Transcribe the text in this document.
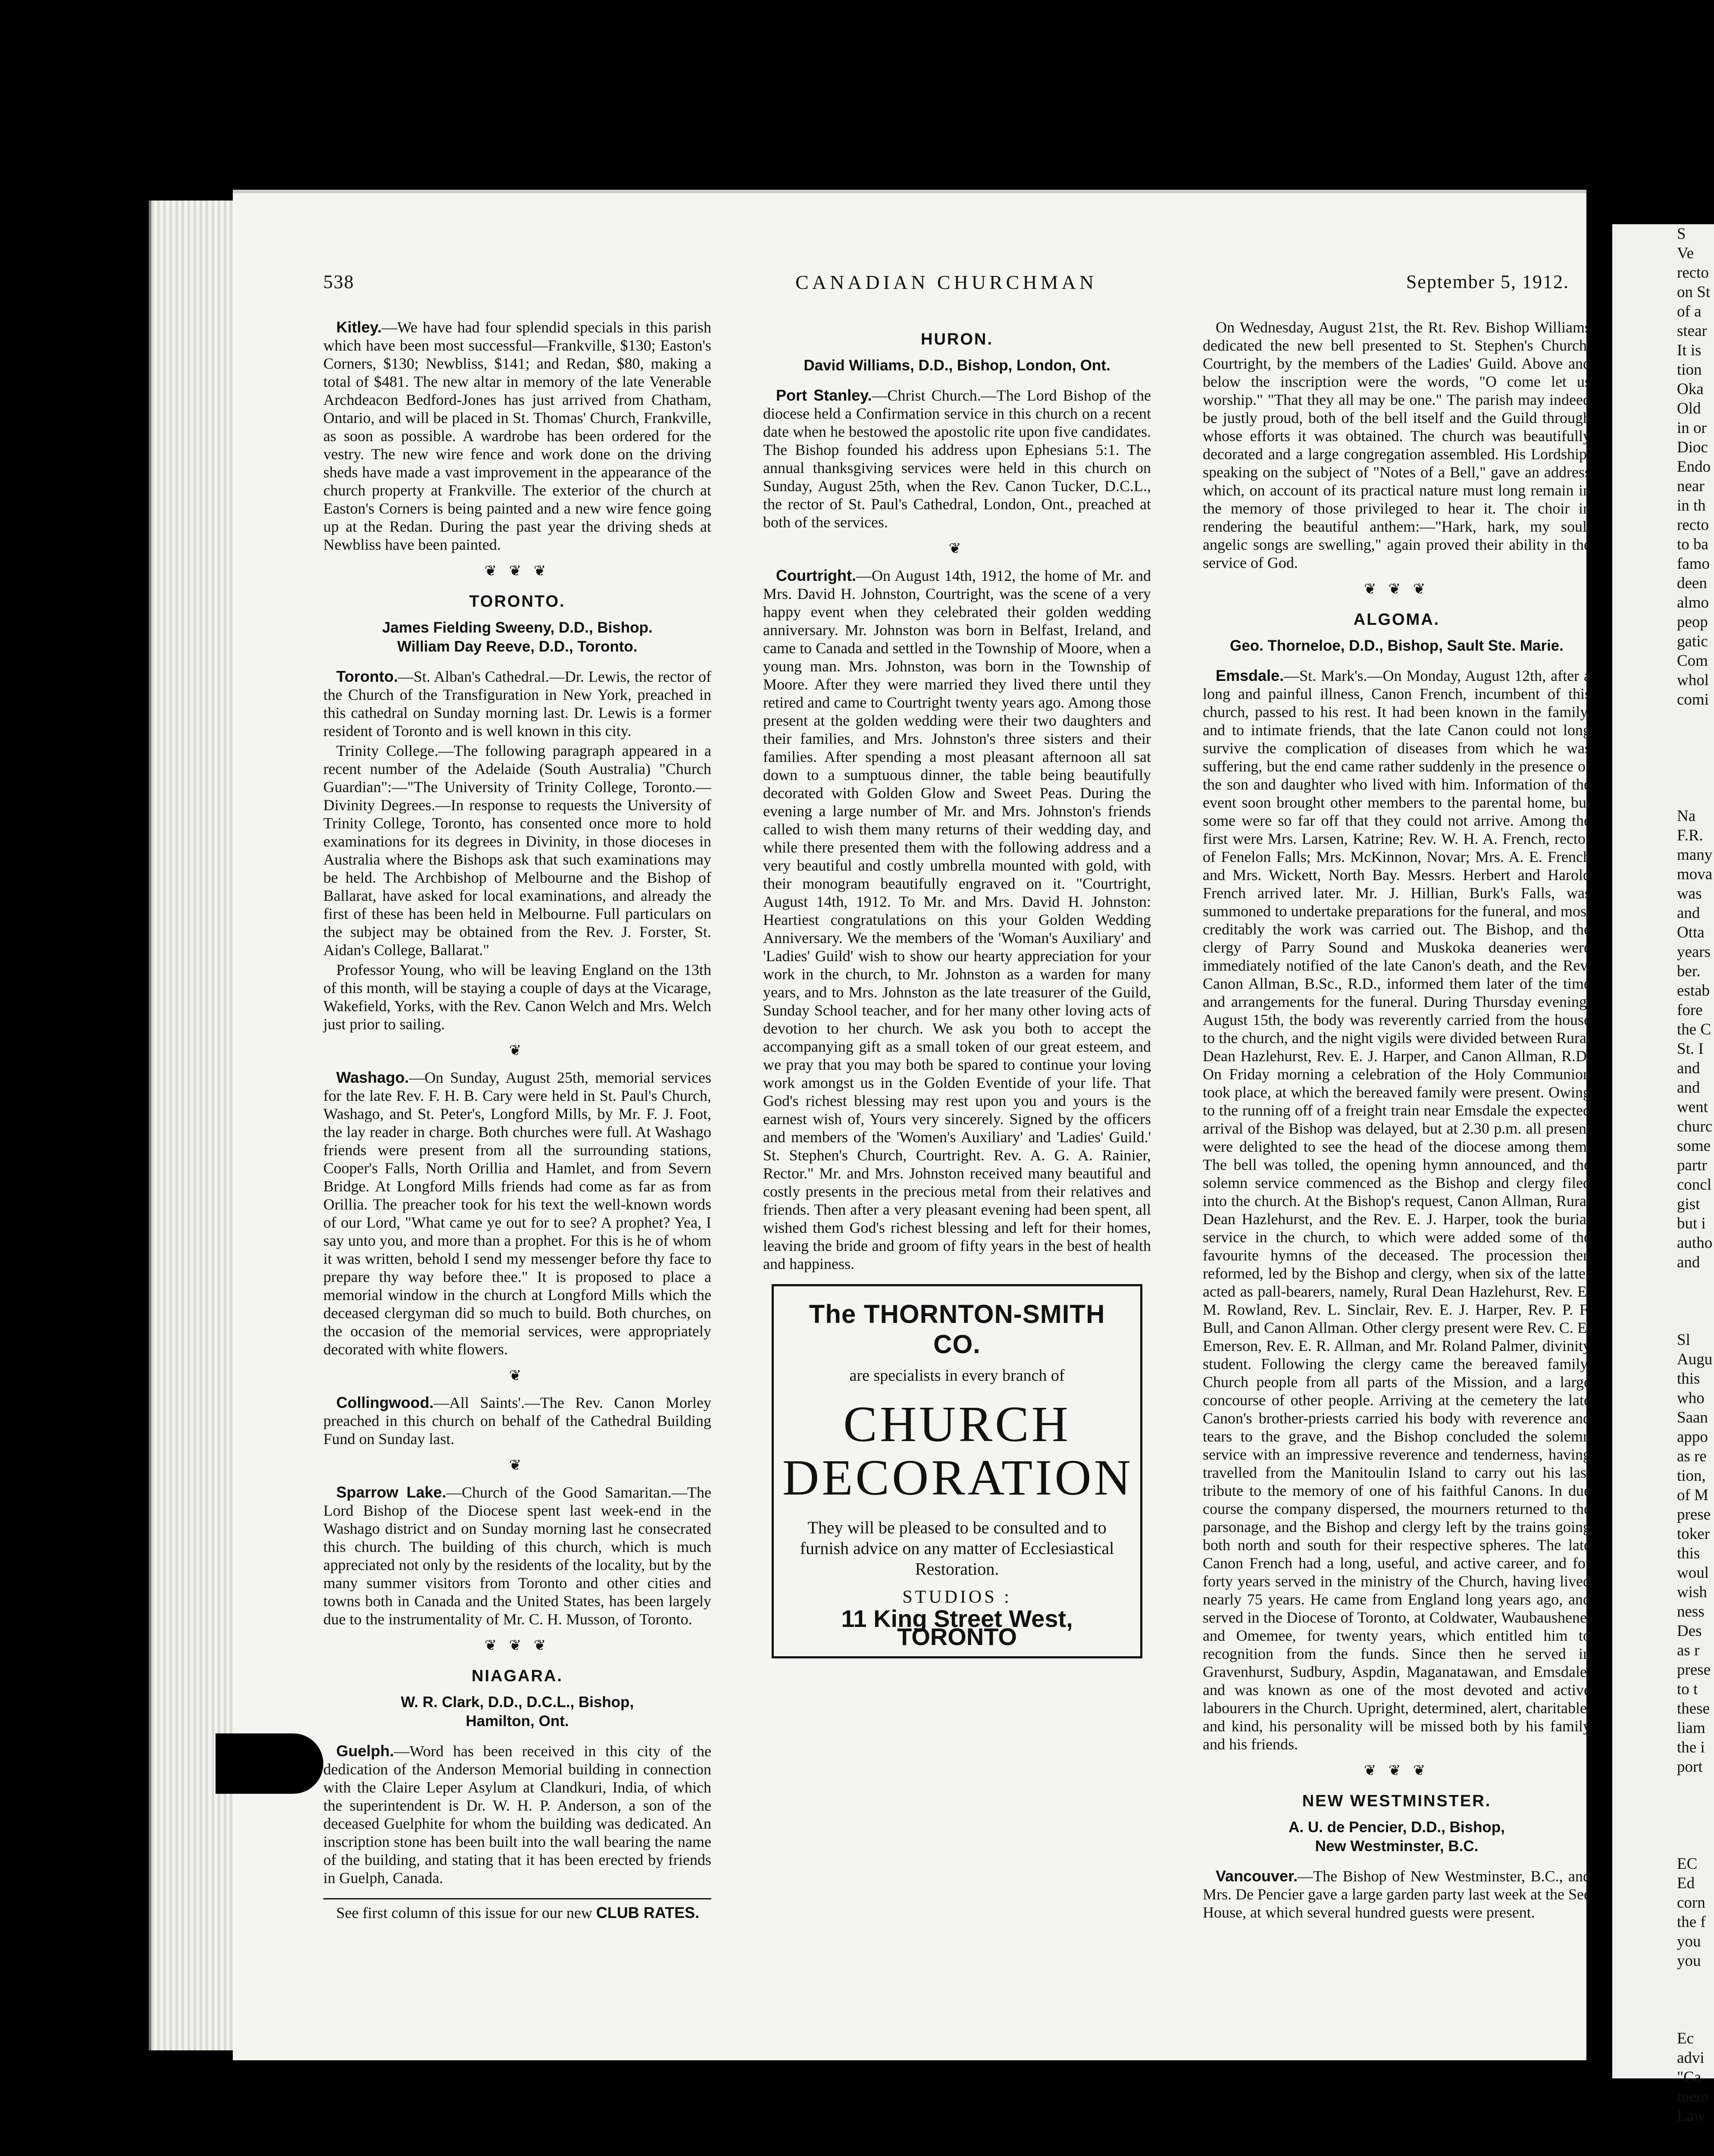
538	CANADIAN CHURCHMAN	September 5, 1912.

Kitley.—We have had four splendid specials in this parish which have been most successful—Frankville, $130; Easton's Corners, $130; Newbliss, $141; and Redan, $80, making a total of $481. The new altar in memory of the late Venerable Archdeacon Bedford-Jones has just arrived from Chatham, Ontario, and will be placed in St. Thomas' Church, Frankville, as soon as possible. A wardrobe has been ordered for the vestry. The new wire fence and work done on the driving sheds have made a vast improvement in the appearance of the church property at Frankville. The exterior of the church at Easton's Corners is being painted and a new wire fence going up at the Redan. During the past year the driving sheds at Newbliss have been painted.

❦ ❦ ❦
TORONTO.
James Fielding Sweeny, D.D., Bishop.
William Day Reeve, D.D., Toronto.

Toronto.—St. Alban's Cathedral.—Dr. Lewis, the rector of the Church of the Transfiguration in New York, preached in this cathedral on Sunday morning last. Dr. Lewis is a former resident of Toronto and is well known in this city.

Trinity College.—The following paragraph appeared in a recent number of the Adelaide (South Australia) "Church Guardian":—"The University of Trinity College, Toronto.—Divinity Degrees.—In response to requests the University of Trinity College, Toronto, has consented once more to hold examinations for its degrees in Divinity, in those dioceses in Australia where the Bishops ask that such examinations may be held. The Archbishop of Melbourne and the Bishop of Ballarat, have asked for local examinations, and already the first of these has been held in Melbourne. Full particulars on the subject may be obtained from the Rev. J. Forster, St. Aidan's College, Ballarat."

Professor Young, who will be leaving England on the 13th of this month, will be staying a couple of days at the Vicarage, Wakefield, Yorks, with the Rev. Canon Welch and Mrs. Welch just prior to sailing.

❦

Washago.—On Sunday, August 25th, memorial services for the late Rev. F. H. B. Cary were held in St. Paul's Church, Washago, and St. Peter's, Longford Mills, by Mr. F. J. Foot, the lay reader in charge. Both churches were full. At Washago friends were present from all the surrounding stations, Cooper's Falls, North Orillia and Hamlet, and from Severn Bridge. At Longford Mills friends had come as far as from Orillia. The preacher took for his text the well-known words of our Lord, "What came ye out for to see? A prophet? Yea, I say unto you, and more than a prophet. For this is he of whom it was written, behold I send my messenger before thy face to prepare thy way before thee." It is proposed to place a memorial window in the church at Longford Mills which the deceased clergyman did so much to build. Both churches, on the occasion of the memorial services, were appropriately decorated with white flowers.

❦

Collingwood.—All Saints'.—The Rev. Canon Morley preached in this church on behalf of the Cathedral Building Fund on Sunday last.

❦

Sparrow Lake.—Church of the Good Samaritan.—The Lord Bishop of the Diocese spent last week-end in the Washago district and on Sunday morning last he consecrated this church. The building of this church, which is much appreciated not only by the residents of the locality, but by the many summer visitors from Toronto and other cities and towns both in Canada and the United States, has been largely due to the instrumentality of Mr. C. H. Musson, of Toronto.

❦ ❦ ❦
NIAGARA.
W. R. Clark, D.D., D.C.L., Bishop,
Hamilton, Ont.

Guelph.—Word has been received in this city of the dedication of the Anderson Memorial building in connection with the Claire Leper Asylum at Clandkuri, India, of which the superintendent is Dr. W. H. P. Anderson, a son of the deceased Guelphite for whom the building was dedicated. An inscription stone has been built into the wall bearing the name of the building, and stating that it has been erected by friends in Guelph, Canada.

See first column of this issue for our new CLUB RATES.

HURON.
David Williams, D.D., Bishop, London, Ont.

Port Stanley.—Christ Church.—The Lord Bishop of the diocese held a Confirmation service in this church on a recent date when he bestowed the apostolic rite upon five candidates. The Bishop founded his address upon Ephesians 5:1. The annual thanksgiving services were held in this church on Sunday, August 25th, when the Rev. Canon Tucker, D.C.L., the rector of St. Paul's Cathedral, London, Ont., preached at both of the services.

❦

Courtright.—On August 14th, 1912, the home of Mr. and Mrs. David H. Johnston, Courtright, was the scene of a very happy event when they celebrated their golden wedding anniversary. Mr. Johnston was born in Belfast, Ireland, and came to Canada and settled in the Township of Moore, when a young man. Mrs. Johnston, was born in the Township of Moore. After they were married they lived there until they retired and came to Courtright twenty years ago. Among those present at the golden wedding were their two daughters and their families, and Mrs. Johnston's three sisters and their families. After spending a most pleasant afternoon all sat down to a sumptuous dinner, the table being beautifully decorated with Golden Glow and Sweet Peas. During the evening a large number of Mr. and Mrs. Johnston's friends called to wish them many returns of their wedding day, and while there presented them with the following address and a very beautiful and costly umbrella mounted with gold, with their monogram beautifully engraved on it. "Courtright, August 14th, 1912. To Mr. and Mrs. David H. Johnston: Heartiest congratulations on this your Golden Wedding Anniversary. We the members of the 'Woman's Auxiliary' and 'Ladies' Guild' wish to show our hearty appreciation for your work in the church, to Mr. Johnston as a warden for many years, and to Mrs. Johnston as the late treasurer of the Guild, Sunday School teacher, and for her many other loving acts of devotion to her church. We ask you both to accept the accompanying gift as a small token of our great esteem, and we pray that you may both be spared to continue your loving work amongst us in the Golden Eventide of your life. That God's richest blessing may rest upon you and yours is the earnest wish of, Yours very sincerely. Signed by the officers and members of the 'Women's Auxiliary' and 'Ladies' Guild.' St. Stephen's Church, Courtright. Rev. A. G. A. Rainier, Rector." Mr. and Mrs. Johnston received many beautiful and costly presents in the precious metal from their relatives and friends. Then after a very pleasant evening had been spent, all wished them God's richest blessing and left for their homes, leaving the bride and groom of fifty years in the best of health and happiness.

The THORNTON-SMITH CO.
are specialists in every branch of
CHURCH
DECORATION
They will be pleased to be consulted and to furnish advice on any matter of Ecclesiastical Restoration.
STUDIOS :
11 King Street West, TORONTO

On Wednesday, August 21st, the Rt. Rev. Bishop Williams dedicated the new bell presented to St. Stephen's Church, Courtright, by the members of the Ladies' Guild. Above and below the inscription were the words, "O come let us worship." "That they all may be one." The parish may indeed be justly proud, both of the bell itself and the Guild through whose efforts it was obtained. The church was beautifully decorated and a large congregation assembled. His Lordship, speaking on the subject of "Notes of a Bell," gave an address which, on account of its practical nature must long remain in the memory of those privileged to hear it. The choir in rendering the beautiful anthem:—"Hark, hark, my soul, angelic songs are swelling," again proved their ability in the service of God.

❦ ❦ ❦
ALGOMA.
Geo. Thorneloe, D.D., Bishop, Sault Ste. Marie.

Emsdale.—St. Mark's.—On Monday, August 12th, after a long and painful illness, Canon French, incumbent of this church, passed to his rest. It had been known in the family, and to intimate friends, that the late Canon could not long survive the complication of diseases from which he was suffering, but the end came rather suddenly in the presence of the son and daughter who lived with him. Information of the event soon brought other members to the parental home, but some were so far off that they could not arrive. Among the first were Mrs. Larsen, Katrine; Rev. W. H. A. French, rector of Fenelon Falls; Mrs. McKinnon, Novar; Mrs. A. E. French and Mrs. Wickett, North Bay. Messrs. Herbert and Harold French arrived later. Mr. J. Hillian, Burk's Falls, was summoned to undertake preparations for the funeral, and most creditably the work was carried out. The Bishop, and the clergy of Parry Sound and Muskoka deaneries were immediately notified of the late Canon's death, and the Rev. Canon Allman, B.Sc., R.D., informed them later of the time and arrangements for the funeral. During Thursday evening, August 15th, the body was reverently carried from the house to the church, and the night vigils were divided between Rural Dean Hazlehurst, Rev. E. J. Harper, and Canon Allman, R.D. On Friday morning a celebration of the Holy Communion took place, at which the bereaved family were present. Owing to the running off of a freight train near Emsdale the expected arrival of the Bishop was delayed, but at 2.30 p.m. all present were delighted to see the head of the diocese among them. The bell was tolled, the opening hymn announced, and the solemn service commenced as the Bishop and clergy filed into the church. At the Bishop's request, Canon Allman, Rural Dean Hazlehurst, and the Rev. E. J. Harper, took the burial service in the church, to which were added some of the favourite hymns of the deceased. The procession then reformed, led by the Bishop and clergy, when six of the latter acted as pall-bearers, namely, Rural Dean Hazlehurst, Rev. E. M. Rowland, Rev. L. Sinclair, Rev. E. J. Harper, Rev. P. F. Bull, and Canon Allman. Other clergy present were Rev. C. E. Emerson, Rev. E. R. Allman, and Mr. Roland Palmer, divinity student. Following the clergy came the bereaved family, Church people from all parts of the Mission, and a large concourse of other people. Arriving at the cemetery the late Canon's brother-priests carried his body with reverence and tears to the grave, and the Bishop concluded the solemn service with an impressive reverence and tenderness, having travelled from the Manitoulin Island to carry out his last tribute to the memory of one of his faithful Canons. In due course the company dispersed, the mourners returned to the parsonage, and the Bishop and clergy left by the trains going both north and south for their respective spheres. The late Canon French had a long, useful, and active career, and for forty years served in the ministry of the Church, having lived nearly 75 years. He came from England long years ago, and served in the Diocese of Toronto, at Coldwater, Waubaushene, and Omemee, for twenty years, which entitled him to recognition from the funds. Since then he served in Gravenhurst, Sudbury, Aspdin, Maganatawan, and Emsdale, and was known as one of the most devoted and active labourers in the Church. Upright, determined, alert, charitable, and kind, his personality will be missed both by his family and his friends.

❦ ❦ ❦
NEW WESTMINSTER.
A. U. de Pencier, D.D., Bishop,
New Westminster, B.C.

Vancouver.—The Bishop of New Westminster, B.C., and Mrs. De Pencier gave a large garden party last week at the See House, at which several hundred guests were present.

S
Ve
recto
on St
of a
stear
It is
tion
Oka
Old
in or
Dioc
Endo
near
in th
recto
to ba
famo
deen
almo
peop
gatic
Com
whol
comi

Na
F.R.
many
mova
was
and
Otta
years
ber.
estab
fore
the C
St. I
and
and
went
churc
some
partr
concl
gist
but i
autho
and

Sl
Augu
this
who
Saan
appo
as re
tion,
of M
prese
toker
this
woul
wish
ness
Des
as r
prese
to t
these
liam
the i
port

EC
Ed
corn
the f
you
you

Ec
advi
"Ca
mem
Law
